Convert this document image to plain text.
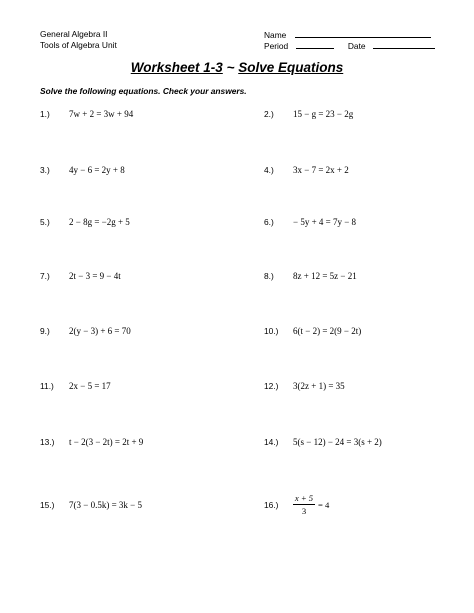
General Algebra II
Tools of Algebra Unit
Name
Period	Date
Worksheet 1-3 ~ Solve Equations
Solve the following equations. Check your answers.
1.) 7w + 2 = 3w + 94	2.) 15 − g = 23 − 2g
3.) 4y − 6 = 2y + 8	4.) 3x − 7 = 2x + 2
5.) 2 − 8g = −2g + 5	6.) − 5y + 4 = 7y − 8
7.) 2t − 3 = 9 − 4t	8.) 8z + 12 = 5z − 21
9.) 2(y − 3) + 6 = 70	10.) 6(t − 2) = 2(9 − 2t)
11.) 2x − 5 = 17	12.) 3(2z + 1) = 35
13.) t − 2(3 − 2t) = 2t + 9	14.) 5(s − 12) − 24 = 3(s + 2)
15.) 7(3 − 0.5k) = 3k − 5	16.)
x + 5
3
= 4
